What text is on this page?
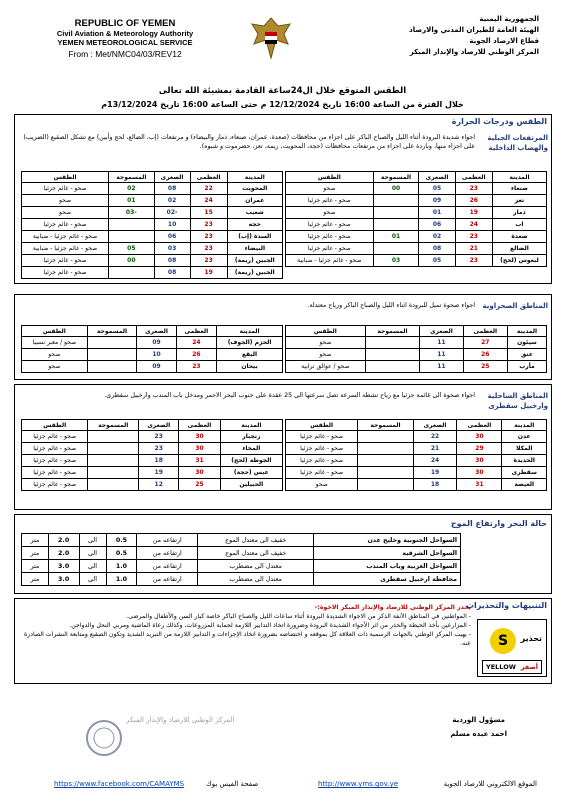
REPUBLIC OF YEMEN
Civil Aviation & Meteorology Authority
YEMEN METEOROLOGICAL SERVICE
From : Met/NMC04/03/REV12
الجمهورية اليمنية
الهيئة العامة للطيران المدني والارصاد
قطاع الارصاد الجوية
المركز الوطني للارصاد والإنذار المبكر
الطقس المتوقع خلال ال24ساعة القادمة بمشيئة الله تعالى
خلال الفترة من الساعة 16:00 تاريخ 12/12/2024 م حتى الساعة 16:00 تاريخ 13/12/2024م
الطقس ودرجات الحرارة
المرتفعات الجبلية والهضاب الداخلية
اجواء شديدة البرودة أثناء الليل والصباح الباكر على اجزاء من محافظات (صعدة، عمران، صنعاء، ذمار والبيضاء) و مرتفعات (إب، الضالع، لحج وأبين) مع تشكل الصقيع (الضريب) على اجزاء منها، وباردة على اجزاء من مرتفعات محافظات (حجة، المحويت، ريمة، تعز، حضرموت و شبوه).
المدينة	العظمى	الصغرى	المسموحة	الطقس
صنعاء	23	05	00	صحو
تعز	26	09		صحو - غائم جزئيا
ذمار	19	01		صحو
اب	24	06		صحو - غائم جزئيا
صعدة	23	02	01	صحو - غائم جزئيا
الضالع	21	08		صحو - غائم جزئيا
لبعوس (لحج)	23	05	03	صحو - غائم جزئيا - ضبابية
المدينة	العظمى	الصغرى	المسموحة	الطقس
المحويت	22	08	02	صحو - غائم جزئيا
عمران	24	02	01	صحو
شعيب	15	-02	-03	صحو
حجه	23	10		صحو - غائم جزئيا
السدة (إب)	23	06		صحو - غائم جزئيا - ضبابية
البيضاء	23	03	05	صحو - غائم جزئيا - ضبابية
الجبين (ريمة)	23	08	00	صحو - غائم جزئيا
الجبين (ريمة)	19	08		صحو - غائم جزئيا
المناطق الصحراوية
اجواء صحوة تميل للبرودة اثناء الليل والصباح الباكر ورياح معتدلة.
المدينة	العظمى	الصغرى	المسموحة	الطقس
سيئون	27	11		صحو
عتق	26	11		صحو
مأرب	25	11		صحو / عوالق ترابية
المدينة	العظمى	الصغرى	المسموحة	الطقس
الحزم (الجوف)	24	09		صحو / مغبر نسبيا
البقع	26	10		صحو
بيحان	23	09		صحو
المناطق الساحلية وارخبيل سقطرى
اجواء صحوة الى غائمة جزئيا مع رياح نشطة السرعة تصل سرعتها الى 25 عقدة على جنوب البحر الاحمر ومدخل باب المندب وارخبيل سقطرى.
المدينة	العظمى	الصغرى	المسموحة	الطقس
عدن	30	22		صحو - غائم جزئيا
المكلا	29	21		صحو - غائم جزئيا
الحديدة	30	24		صحو - غائم جزئيا
سقطرى	30	19		صحو - غائم جزئيا
الغيضة	31	18		صحو
المدينة	العظمى	الصغرى	المسموحة	الطقس
زنجبار	30	23		صحو - غائم جزئيا
المخاء	30	23		صحو - غائم جزئيا
الجوطة (لحج)	31	18		صحو - غائم جزئيا
عبس (حجة)	30	19		صحو - غائم جزئيا
الحبيلين	25	12		صحو - غائم جزئيا
حالة البحر وارتفاع الموج
السواحل الجنوبية وخليج عدن	خفيف الى معتدل الموج	ارتفاعه من	0.5	الى	2.0	متر
السواحل الشرقية	خفيف الى معتدل الموج	ارتفاعه من	0.5	الى	2.0	متر
السواحل الغربية وباب المندب	معتدل الى مضطرب	ارتفاعه من	1.0	الى	3.0	متر
محافظة ارخبيل سقطرى	معتدل الى مضطرب	ارتفاعه من	1.0	الى	3.0	متر
التنبيهات والتحذيرات
S	تحذير
أصفر
YELLOW
يحذر المركز الوطني للارصاد والإنذار المبكر الاخوة:-
- المواطنين في المناطق الآنفة الذكر من الاجواء الشديدة البرودة أثناء ساعات الليل والصباح الباكر خاصة كبار السن والأطفال والمرضى.
- المزارعين بأخذ الحيطة والحذر من اثر الأجواء الشديدة البرودة وضرورة اتخاذ التدابير اللازمة لحماية المزروعات، وكذلك رعاة الماشية ومربي النحل والدواجن.
- يهيب المركز الوطني بالجهات الرسمية ذات العلاقة كل بموقعه و اختصاصه بضرورة اتخاذ الإجراءات و التدابير اللازمة من التبريد الشديد وتكون الصقيع ومتابعة النشرات الصادرة عنه.
المركز الوطني للارصاد والإنذار المبكر	مسؤول الوردية
احمد عبده مسلم
https://www.facebook.com/CAMAYMS	صفحة الفيس بوك	http://www.yms.gov.ye	الموقع الالكتروني للارصاد الجوية
